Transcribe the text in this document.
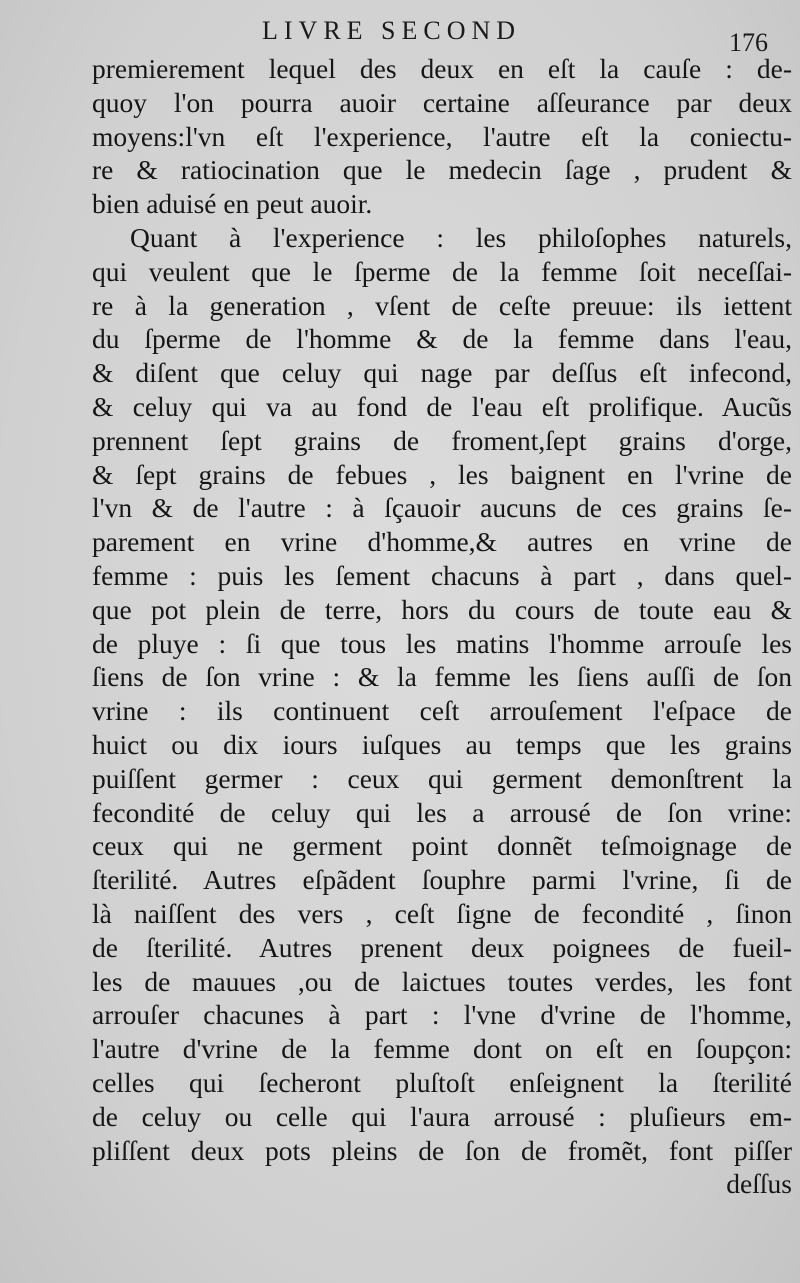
LIVRE SECOND	176
premierement lequel des deux en eſt la cauſe : de-
quoy l'on pourra auoir certaine aſſeurance par deux
moyens:l'vn eſt l'experience, l'autre eſt la coniectu-
re & ratiocination que le medecin ſage , prudent &
bien aduisé en peut auoir.
Quant à l'experience : les philoſophes naturels,
qui veulent que le ſperme de la femme ſoit neceſſai-
re à la generation , vſent de ceſte preuue: ils iettent
du ſperme de l'homme & de la femme dans l'eau,
& diſent que celuy qui nage par deſſus eſt infecond,
& celuy qui va au fond de l'eau eſt prolifique. Aucũs
prennent ſept grains de froment,ſept grains d'orge,
& ſept grains de febues , les baignent en l'vrine de
l'vn & de l'autre : à ſçauoir aucuns de ces grains ſe-
parement en vrine d'homme,& autres en vrine de
femme : puis les ſement chacuns à part , dans quel-
que pot plein de terre, hors du cours de toute eau &
de pluye : ſi que tous les matins l'homme arrouſe les
ſiens de ſon vrine : & la femme les ſiens auſſi de ſon
vrine : ils continuent ceſt arrouſement l'eſpace de
huict ou dix iours iuſques au temps que les grains
puiſſent germer : ceux qui germent demonſtrent la
fecondité de celuy qui les a arrousé de ſon vrine:
ceux qui ne germent point donnẽt teſmoignage de
ſterilité. Autres eſpãdent ſouphre parmi l'vrine, ſi de
là naiſſent des vers , ceſt ſigne de fecondité , ſinon
de ſterilité. Autres prenent deux poignees de fueil-
les de mauues ,ou de laictues toutes verdes, les font
arrouſer chacunes à part : l'vne d'vrine de l'homme,
l'autre d'vrine de la femme dont on eſt en ſoupçon:
celles qui ſecheront pluſtoſt enſeignent la ſterilité
de celuy ou celle qui l'aura arrousé : pluſieurs em-
pliſſent deux pots pleins de ſon de fromẽt, font piſſer
deſſus
